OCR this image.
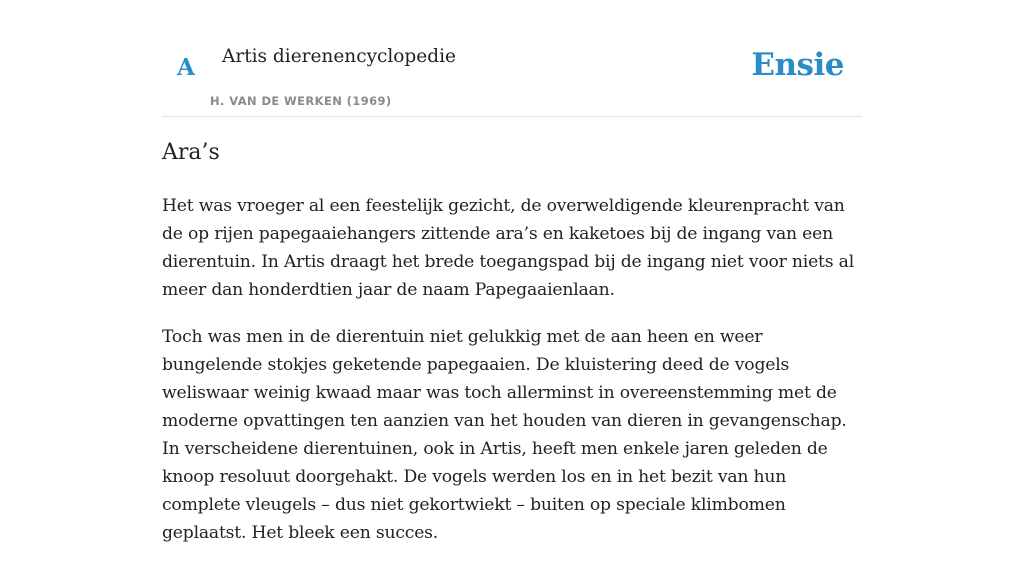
A Artis dierenencyclopedie
H. VAN DE WERKEN (1969)
Ensie
Ara’s

Het was vroeger al een feestelijk gezicht, de overweldigende kleurenpracht van de op rijen papegaaiehangers zittende ara’s en kaketoes bij de ingang van een dierentuin. In Artis draagt het brede toegangspad bij de ingang niet voor niets al meer dan honderdtien jaar de naam Papegaaienlaan.

Toch was men in de dierentuin niet gelukkig met de aan heen en weer bungelende stokjes geketende papegaaien. De kluistering deed de vogels weliswaar weinig kwaad maar was toch allerminst in overeenstemming met de moderne opvattingen ten aanzien van het houden van dieren in gevangenschap. In verscheidene dierentuinen, ook in Artis, heeft men enkele jaren geleden de knoop resoluut doorgehakt. De vogels werden los en in het bezit van hun complete vleugels – dus niet gekortwiekt – buiten op speciale klimbomen geplaatst. Het bleek een succes.
